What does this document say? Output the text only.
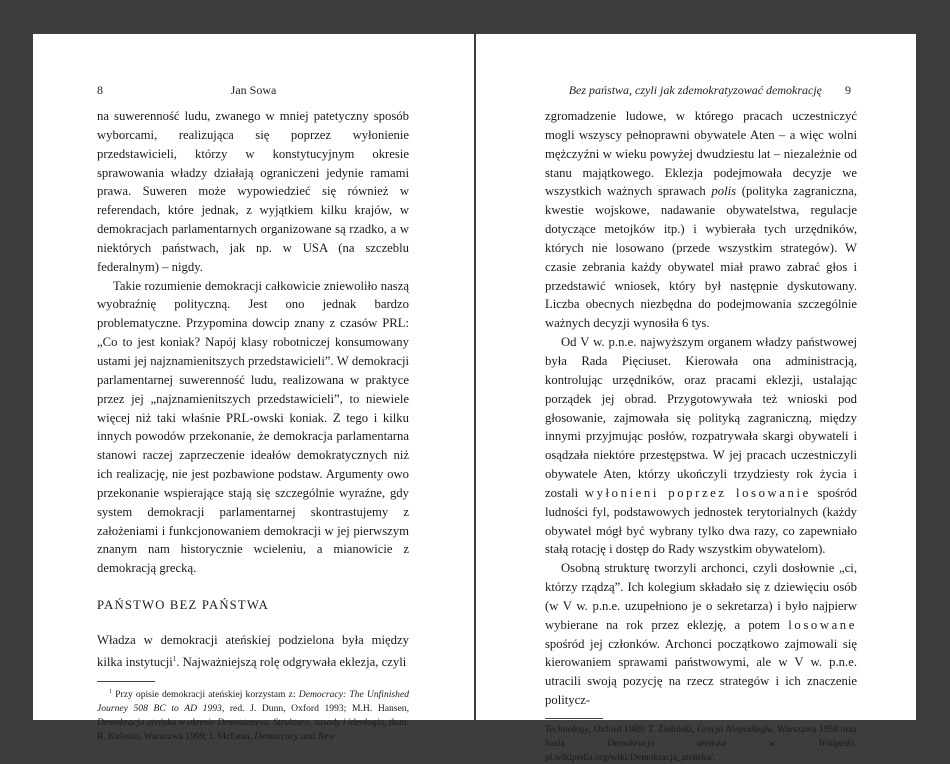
8	Jan Sowa

na suwerenność ludu, zwanego w mniej patetyczny sposób wyborcami, realizująca się poprzez wyłonienie przedstawicieli, którzy w konstytucyjnym okresie sprawowania władzy działają ograniczeni jedynie ramami prawa. Suweren może wypowiedzieć się również w referendach, które jednak, z wyjątkiem kilku krajów, w demokracjach parlamentarnych organizowane są rzadko, a w niektórych państwach, jak np. w USA (na szczeblu federalnym) – nigdy.

Takie rozumienie demokracji całkowicie zniewoliło naszą wyobraźnię polityczną. Jest ono jednak bardzo problematyczne. Przypomina dowcip znany z czasów PRL: „Co to jest koniak? Napój klasy robotniczej konsumowany ustami jej najznamienitszych przedstawicieli”. W demokracji parlamentarnej suwerenność ludu, realizowana w praktyce przez jej „najznamienitszych przedstawicieli”, to niewiele więcej niż taki właśnie PRL-owski koniak. Z tego i kilku innych powodów przekonanie, że demokracja parlamentarna stanowi raczej zaprzeczenie ideałów demokratycznych niż ich realizację, nie jest pozbawione podstaw. Argumenty owo przekonanie wspierające stają się szczególnie wyraźne, gdy system demokracji parlamentarnej skontrastujemy z założeniami i funkcjonowaniem demokracji w jej pierwszym znanym nam historycznie wcieleniu, a mianowicie z demokracją grecką.

PAŃSTWO BEZ PAŃSTWA

Władza w demokracji ateńskiej podzielona była między kilka instytucji$^1$. Najważniejszą rolę odgrywała eklezja, czyli

$^1$ Przy opisie demokracji ateńskiej korzystam z: Democracy: The Unfinished Journey 508 BC to AD 1993, red. J. Dunn, Oxford 1993; M.H. Hansen, Demokracja ateńska w okresie Demostenesa. Struktura, zasady i ideologia, tłum. R. Kulesza, Warszawa 1999; I. McLean, Democracy and New

Bez państwa, czyli jak zdemokratyzować demokrację 9

zgromadzenie ludowe, w którego pracach uczestniczyć mogli wszyscy pełnoprawni obywatele Aten – a więc wolni mężczyźni w wieku powyżej dwudziestu lat – niezależnie od stanu majątkowego. Eklezja podejmowała decyzje we wszystkich ważnych sprawach polis (polityka zagraniczna, kwestie wojskowe, nadawanie obywatelstwa, regulacje dotyczące metojków itp.) i wybierała tych urzędników, których nie losowano (przede wszystkim strategów). W czasie zebrania każdy obywatel miał prawo zabrać głos i przedstawić wniosek, który był następnie dyskutowany. Liczba obecnych niezbędna do podejmowania szczególnie ważnych decyzji wynosiła 6 tys.

Od V w. p.n.e. najwyższym organem władzy państwowej była Rada Pięciuset. Kierowała ona administracją, kontrolując urzędników, oraz pracami eklezji, ustalając porządek jej obrad. Przygotowywała też wnioski pod głosowanie, zajmowała się polityką zagraniczną, między innymi przyjmując posłów, rozpatrywała skargi obywateli i osądzała niektóre przestępstwa. W jej pracach uczestniczyli obywatele Aten, którzy ukończyli trzydziesty rok życia i zostali wyłonieni poprzez losowanie spośród ludności fyl, podstawowych jednostek terytorialnych (każdy obywatel mógł być wybrany tylko dwa razy, co zapewniało stałą rotację i dostęp do Rady wszystkim obywatelom).

Osobną strukturę tworzyli archonci, czyli dosłownie „ci, którzy rządzą”. Ich kolegium składało się z dziewięciu osób (w V w. p.n.e. uzupełniono je o sekretarza) i było najpierw wybierane na rok przez eklezję, a potem losowane spośród jej członków. Archonci początkowo zajmowali się kierowaniem sprawami państwowymi, ale w V w. p.n.e. utracili swoją pozycję na rzecz strategów i ich znaczenie politycz-

Technology, Oxford 1989; T. Zieliński, Grecja Niepodległa, Warszawa 1958 oraz hasła Demokracja ateńska w Wikipedii, pl.wikipedia.org/wiki/Demokracja_ateńska/.
